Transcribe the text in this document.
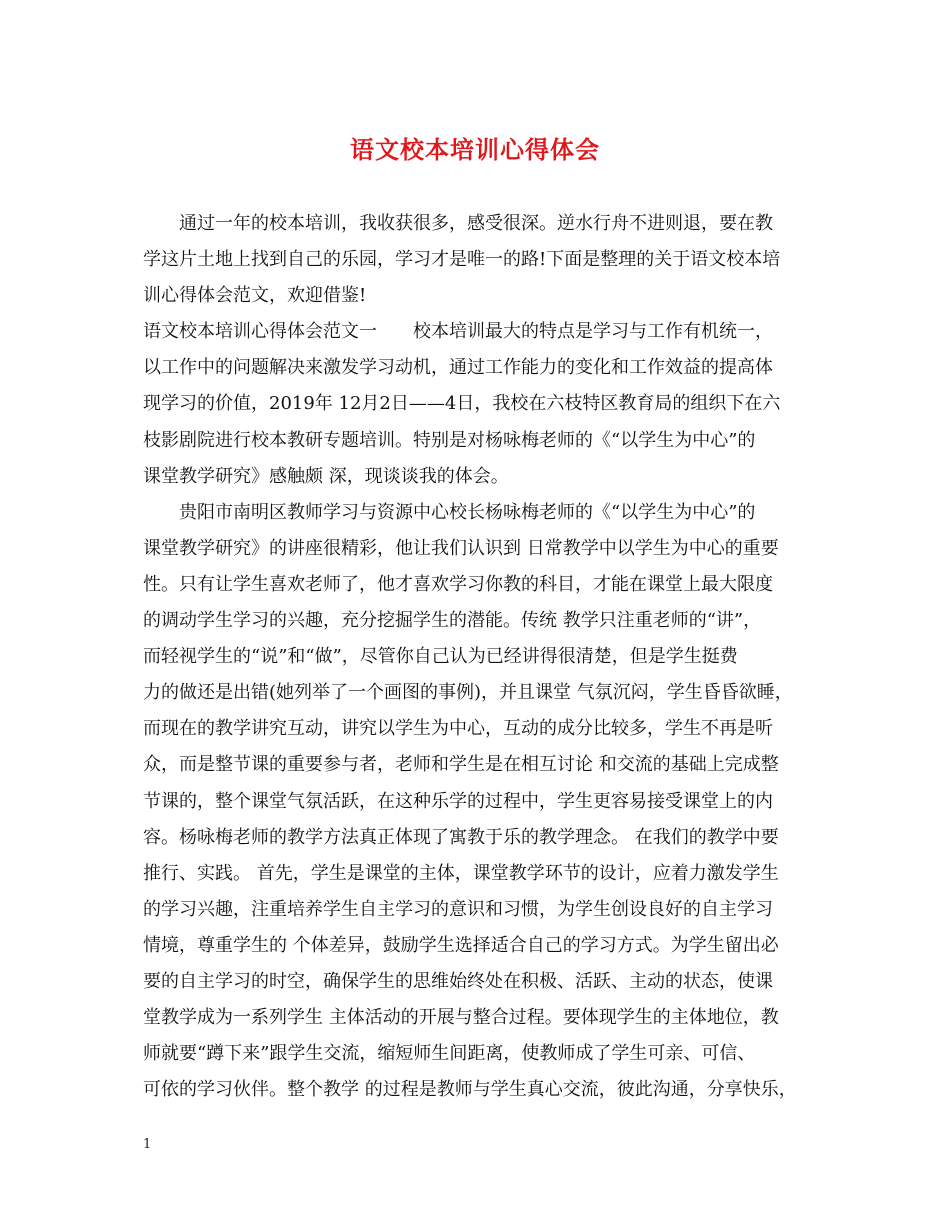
语文校本培训心得体会
　　通过一年的校本培训，我收获很多，感受很深。逆水行舟不进则退，要在教
学这片土地上找到自己的乐园，学习才是唯一的路!下面是整理的关于语文校本培
训心得体会范文，欢迎借鉴!
语文校本培训心得体会范文一　　校本培训最大的特点是学习与工作有机统一，
以工作中的问题解决来激发学习动机，通过工作能力的变化和工作效益的提高体
现学习的价值，2019年 12月2日——4日，我校在六枝特区教育局的组织下在六
枝影剧院进行校本教研专题培训。特别是对杨咏梅老师的《“以学生为中心”的
课堂教学研究》感触颇 深，现谈谈我的体会。
　　贵阳市南明区教师学习与资源中心校长杨咏梅老师的《“以学生为中心”的
课堂教学研究》的讲座很精彩，他让我们认识到 日常教学中以学生为中心的重要
性。只有让学生喜欢老师了，他才喜欢学习你教的科目，才能在课堂上最大限度
的调动学生学习的兴趣，充分挖掘学生的潜能。传统 教学只注重老师的“讲”，
而轻视学生的“说”和“做”，尽管你自己认为已经讲得很清楚，但是学生挺费
力的做还是出错(她列举了一个画图的事例)，并且课堂 气氛沉闷，学生昏昏欲睡，
而现在的教学讲究互动，讲究以学生为中心，互动的成分比较多，学生不再是听
众，而是整节课的重要参与者，老师和学生是在相互讨论 和交流的基础上完成整
节课的，整个课堂气氛活跃，在这种乐学的过程中，学生更容易接受课堂上的内
容。杨咏梅老师的教学方法真正体现了寓教于乐的教学理念。 在我们的教学中要
推行、实践。 首先，学生是课堂的主体，课堂教学环节的设计，应着力激发学生
的学习兴趣，注重培养学生自主学习的意识和习惯，为学生创设良好的自主学习
情境，尊重学生的 个体差异，鼓励学生选择适合自己的学习方式。为学生留出必
要的自主学习的时空，确保学生的思维始终处在积极、活跃、主动的状态，使课
堂教学成为一系列学生 主体活动的开展与整合过程。要体现学生的主体地位，教
师就要“蹲下来”跟学生交流，缩短师生间距离，使教师成了学生可亲、可信、
可依的学习伙伴。整个教学 的过程是教师与学生真心交流，彼此沟通，分享快乐，
1
